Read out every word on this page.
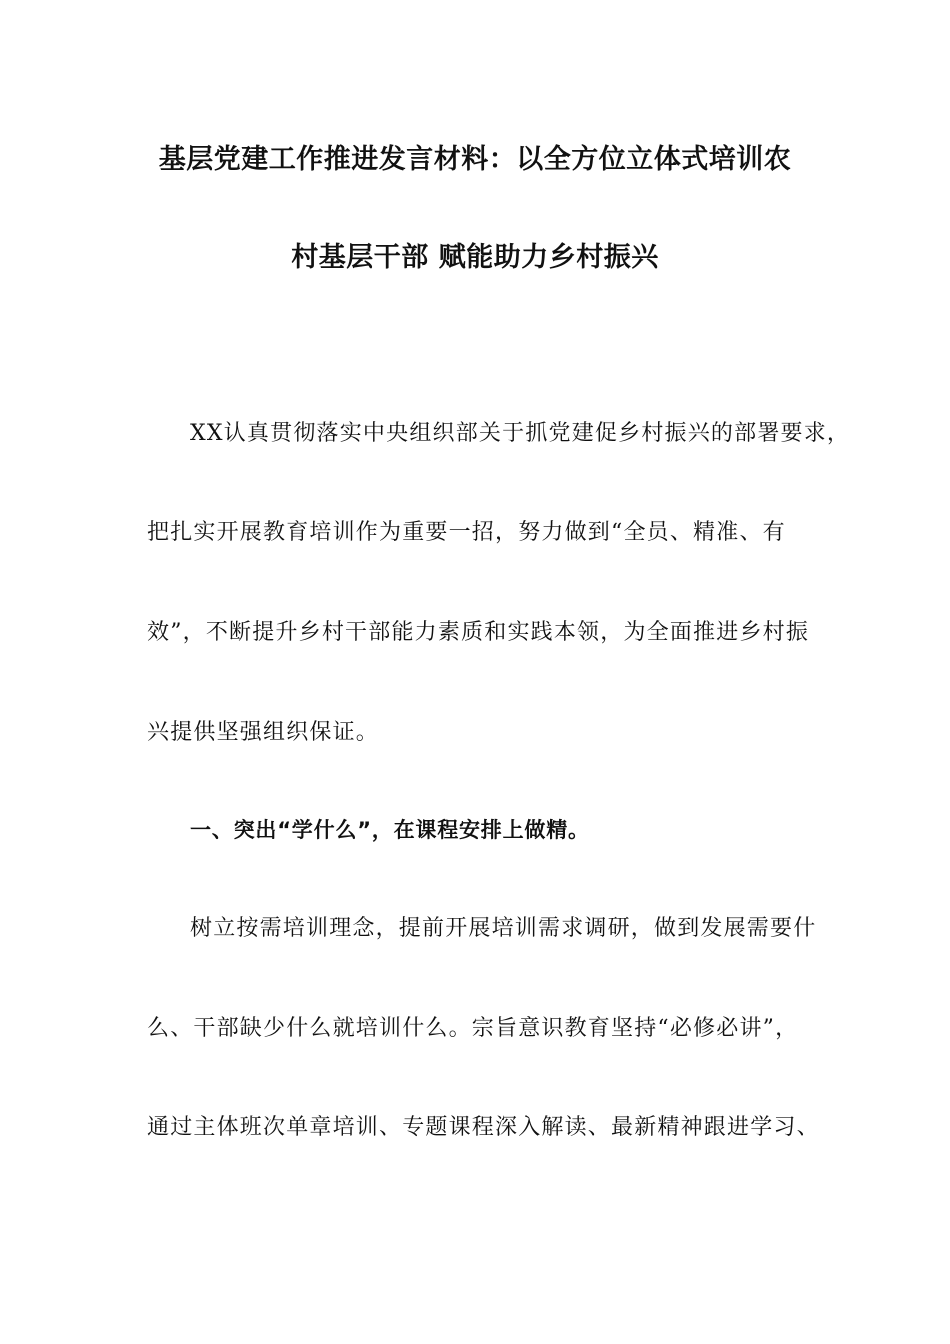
基层党建工作推进发言材料：以全方位立体式培训农
村基层干部 赋能助力乡村振兴
XX认真贯彻落实中央组织部关于抓党建促乡村振兴的部署要求，
把扎实开展教育培训作为重要一招，努力做到“全员、精准、有
效”，不断提升乡村干部能力素质和实践本领，为全面推进乡村振
兴提供坚强组织保证。
一、突出“学什么”，在课程安排上做精。
树立按需培训理念，提前开展培训需求调研，做到发展需要什
么、干部缺少什么就培训什么。宗旨意识教育坚持“必修必讲”，
通过主体班次单章培训、专题课程深入解读、最新精神跟进学习、
